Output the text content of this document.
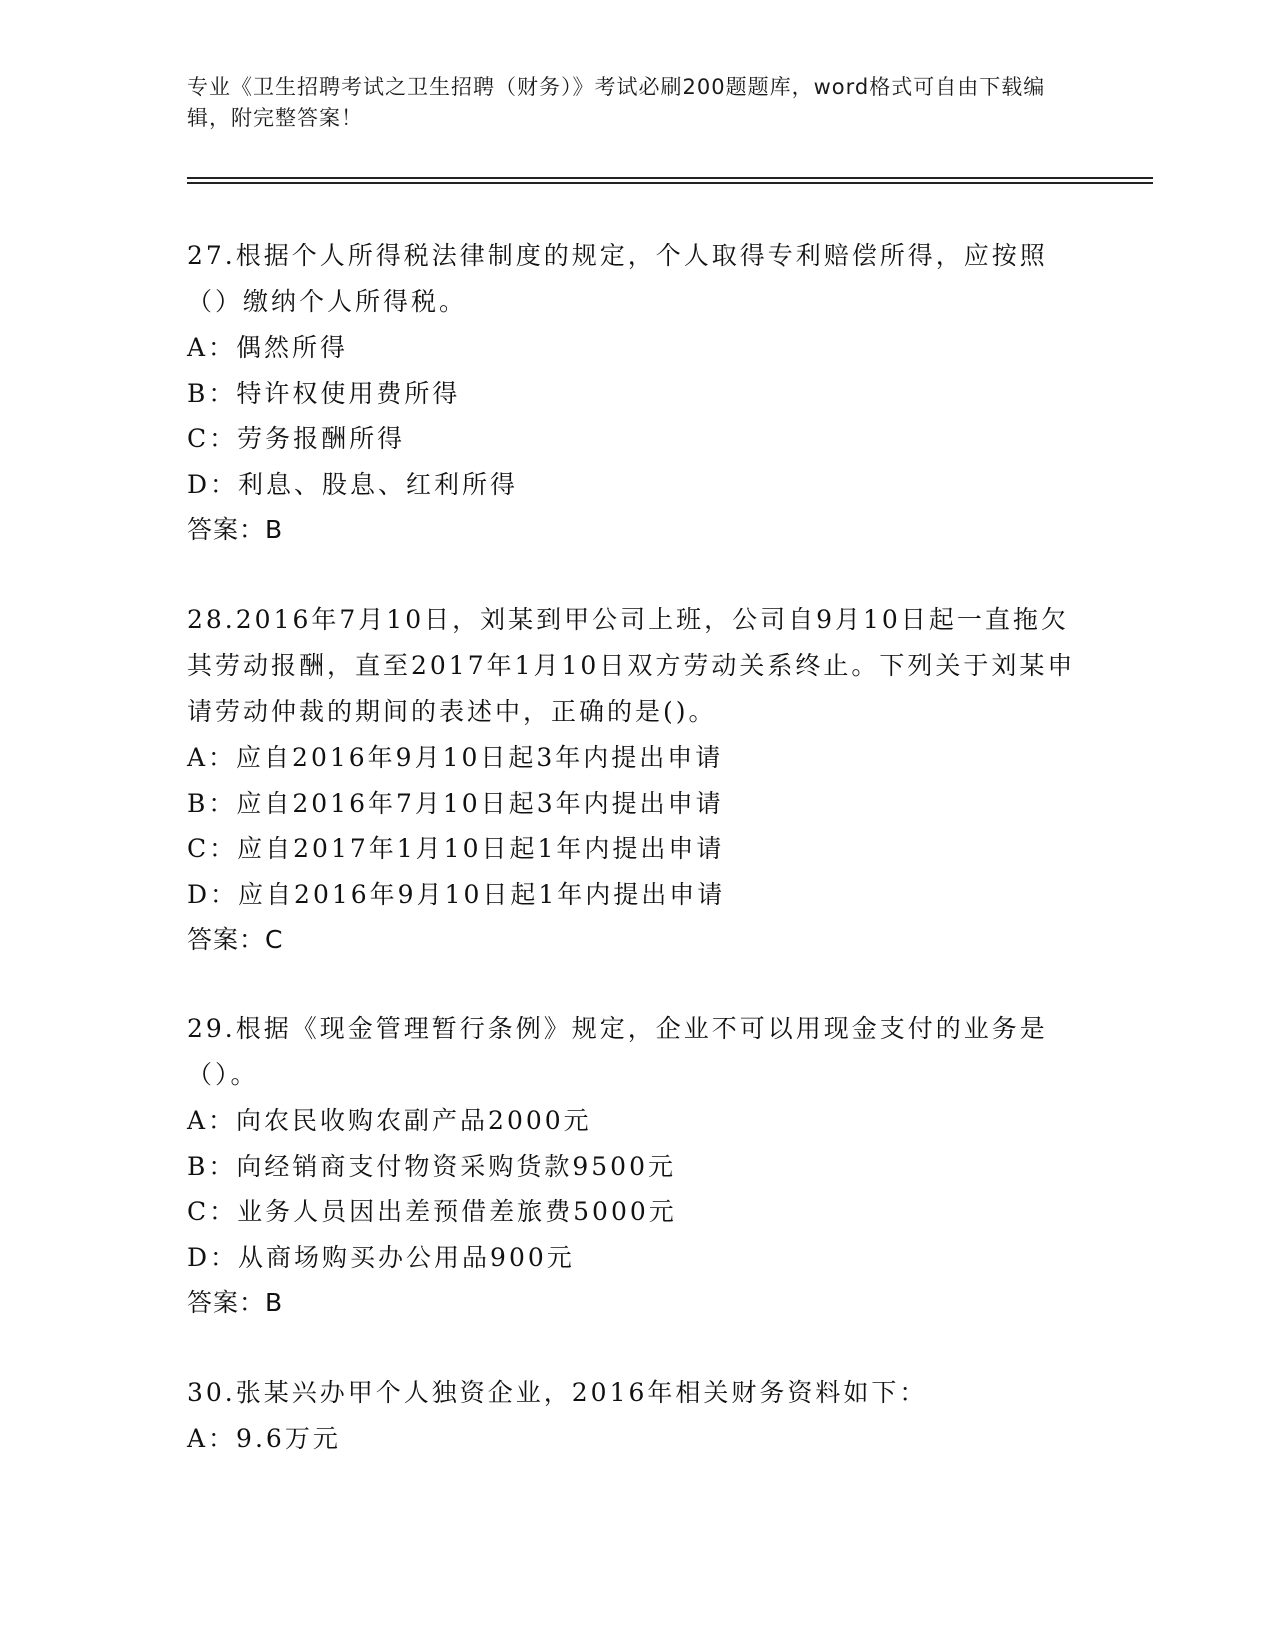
专业《卫生招聘考试之卫生招聘（财务）》考试必刷200题题库，word格式可自由下载编辑，附完整答案！

27.根据个人所得税法律制度的规定，个人取得专利赔偿所得，应按照（）缴纳个人所得税。

A：偶然所得

B：特许权使用费所得

C：劳务报酬所得

D：利息、股息、红利所得

答案：B

28.2016年7月10日，刘某到甲公司上班，公司自9月10日起一直拖欠其劳动报酬，直至2017年1月10日双方劳动关系终止。下列关于刘某申请劳动仲裁的期间的表述中，正确的是()。

A：应自2016年9月10日起3年内提出申请

B：应自2016年7月10日起3年内提出申请

C：应自2017年1月10日起1年内提出申请

D：应自2016年9月10日起1年内提出申请

答案：C

29.根据《现金管理暂行条例》规定，企业不可以用现金支付的业务是（）。

A：向农民收购农副产品2000元

B：向经销商支付物资采购货款9500元

C：业务人员因出差预借差旅费5000元

D：从商场购买办公用品900元

答案：B

30.张某兴办甲个人独资企业，2016年相关财务资料如下：

A：9.6万元
